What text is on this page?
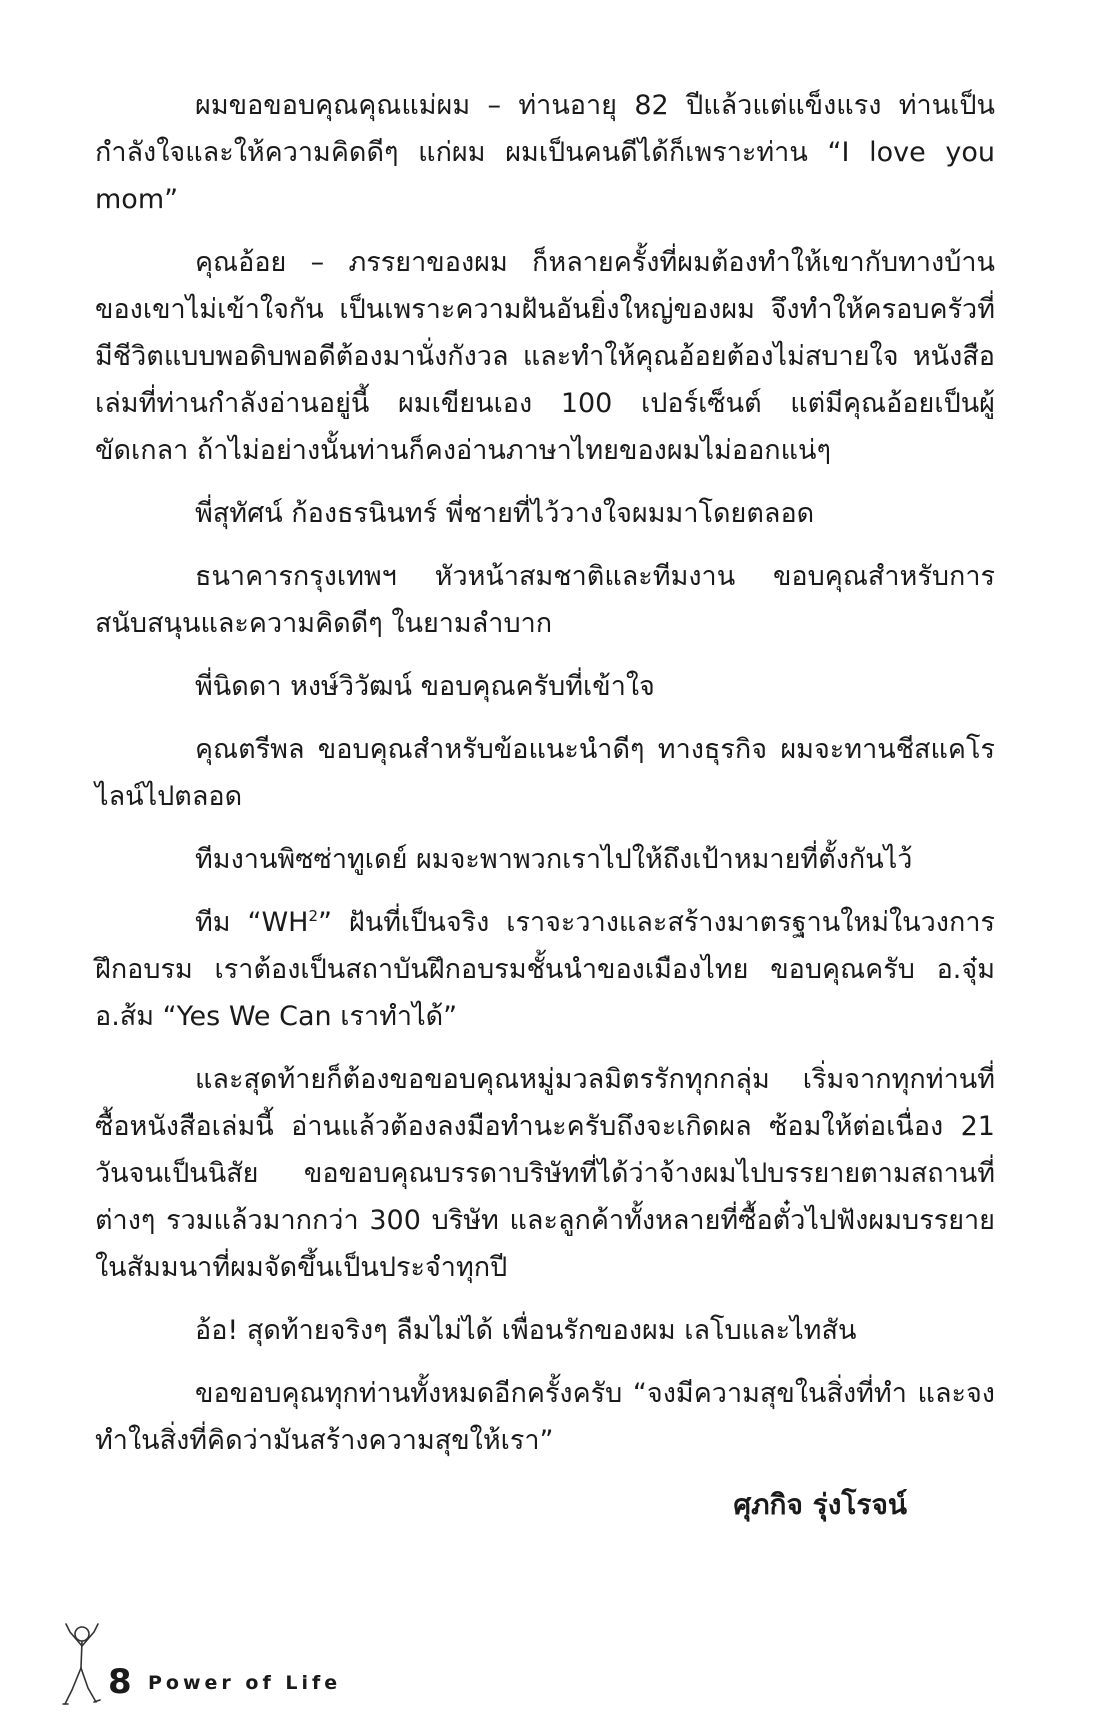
ผมขอขอบคุณคุณแม่ผม – ท่านอายุ 82 ปีแล้วแต่แข็งแรง ท่านเป็นกำลังใจและให้ความคิดดีๆ แก่ผม ผมเป็นคนดีได้ก็เพราะท่าน “I love you mom”

คุณอ้อย – ภรรยาของผม ก็หลายครั้งที่ผมต้องทำให้เขากับทางบ้านของเขาไม่เข้าใจกัน เป็นเพราะความฝันอันยิ่งใหญ่ของผม จึงทำให้ครอบครัวที่มีชีวิตแบบพอดิบพอดีต้องมานั่งกังวล และทำให้คุณอ้อยต้องไม่สบายใจ หนังสือเล่มที่ท่านกำลังอ่านอยู่นี้ ผมเขียนเอง 100 เปอร์เซ็นต์ แต่มีคุณอ้อยเป็นผู้ขัดเกลา ถ้าไม่อย่างนั้นท่านก็คงอ่านภาษาไทยของผมไม่ออกแน่ๆ

พี่สุทัศน์ ก้องธรนินทร์ พี่ชายที่ไว้วางใจผมมาโดยตลอด

ธนาคารกรุงเทพฯ หัวหน้าสมชาติและทีมงาน ขอบคุณสำหรับการสนับสนุนและความคิดดีๆ ในยามลำบาก

พี่นิดดา หงษ์วิวัฒน์ ขอบคุณครับที่เข้าใจ

คุณตรีพล ขอบคุณสำหรับข้อแนะนำดีๆ ทางธุรกิจ ผมจะทานชีสแคโรไลน์ไปตลอด

ทีมงานพิซซ่าทูเดย์ ผมจะพาพวกเราไปให้ถึงเป้าหมายที่ตั้งกันไว้

ทีม “$WH^2$” ฝันที่เป็นจริง เราจะวางและสร้างมาตรฐานใหม่ในวงการฝึกอบรม เราต้องเป็นสถาบันฝึกอบรมชั้นนำของเมืองไทย ขอบคุณครับ อ.จุ๋ม อ.ส้ม “Yes We Can เราทำได้”

และสุดท้ายก็ต้องขอขอบคุณหมู่มวลมิตรรักทุกกลุ่ม เริ่มจากทุกท่านที่ซื้อหนังสือเล่มนี้ อ่านแล้วต้องลงมือทำนะครับถึงจะเกิดผล ซ้อมให้ต่อเนื่อง 21 วันจนเป็นนิสัย ขอขอบคุณบรรดาบริษัทที่ได้ว่าจ้างผมไปบรรยายตามสถานที่ต่างๆ รวมแล้วมากกว่า 300 บริษัท และลูกค้าทั้งหลายที่ซื้อตั๋วไปฟังผมบรรยายในสัมมนาที่ผมจัดขึ้นเป็นประจำทุกปี

อ้อ! สุดท้ายจริงๆ ลืมไม่ได้ เพื่อนรักของผม เลโบและไทสัน

ขอขอบคุณทุกท่านทั้งหมดอีกครั้งครับ “จงมีความสุขในสิ่งที่ทำ และจงทำในสิ่งที่คิดว่ามันสร้างความสุขให้เรา”

ศุภกิจ รุ่งโรจน์

8 Power of Life
